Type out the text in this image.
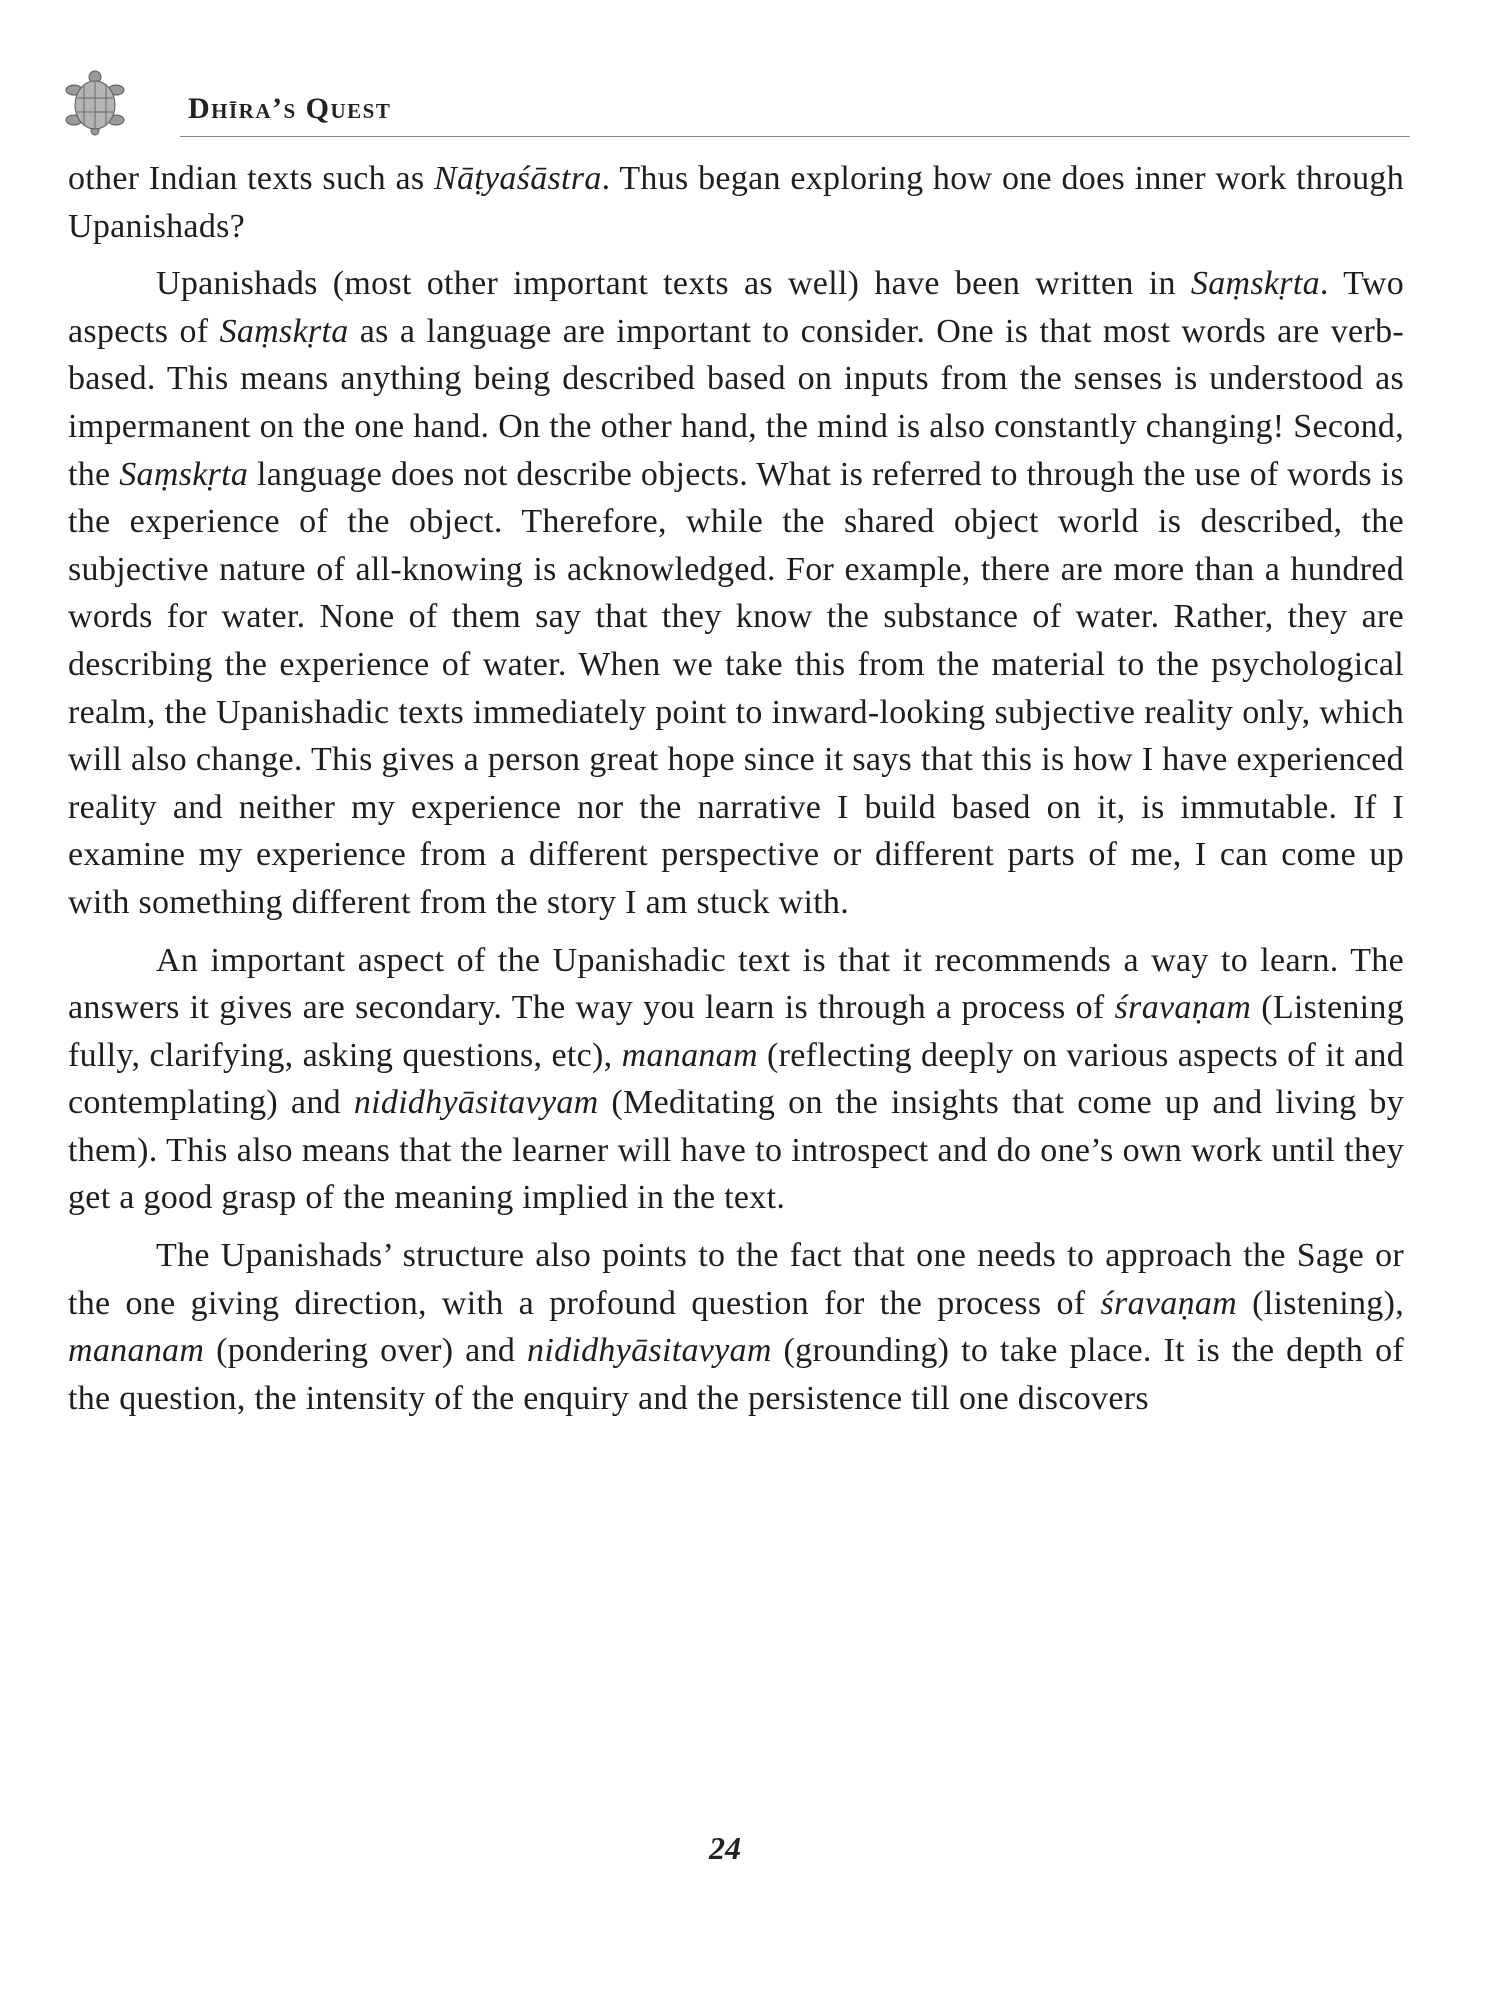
Dhīra’s Quest

other Indian texts such as Nāṭyaśāstra. Thus began exploring how one does inner work through Upanishads?

Upanishads (most other important texts as well) have been written in Saṃskṛta. Two aspects of Saṃskṛta as a language are important to consider. One is that most words are verb-based. This means anything being described based on inputs from the senses is understood as impermanent on the one hand. On the other hand, the mind is also constantly changing! Second, the Saṃskṛta language does not describe objects. What is referred to through the use of words is the experience of the object. Therefore, while the shared object world is described, the subjective nature of all-knowing is acknowledged. For example, there are more than a hundred words for water. None of them say that they know the substance of water. Rather, they are describing the experience of water. When we take this from the material to the psychological realm, the Upanishadic texts immediately point to inward-looking subjective reality only, which will also change. This gives a person great hope since it says that this is how I have experienced reality and neither my experience nor the narrative I build based on it, is immutable. If I examine my experience from a different perspective or different parts of me, I can come up with something different from the story I am stuck with.

An important aspect of the Upanishadic text is that it recommends a way to learn. The answers it gives are secondary. The way you learn is through a process of śravaṇam (Listening fully, clarifying, asking questions, etc), mananam (reflecting deeply on various aspects of it and contemplating) and nididhyāsitavyam (Meditating on the insights that come up and living by them). This also means that the learner will have to introspect and do one’s own work until they get a good grasp of the meaning implied in the text.

The Upanishads’ structure also points to the fact that one needs to approach the Sage or the one giving direction, with a profound question for the process of śravaṇam (listening), mananam (pondering over) and nididhyāsitavyam (grounding) to take place. It is the depth of the question, the intensity of the enquiry and the persistence till one discovers

24
